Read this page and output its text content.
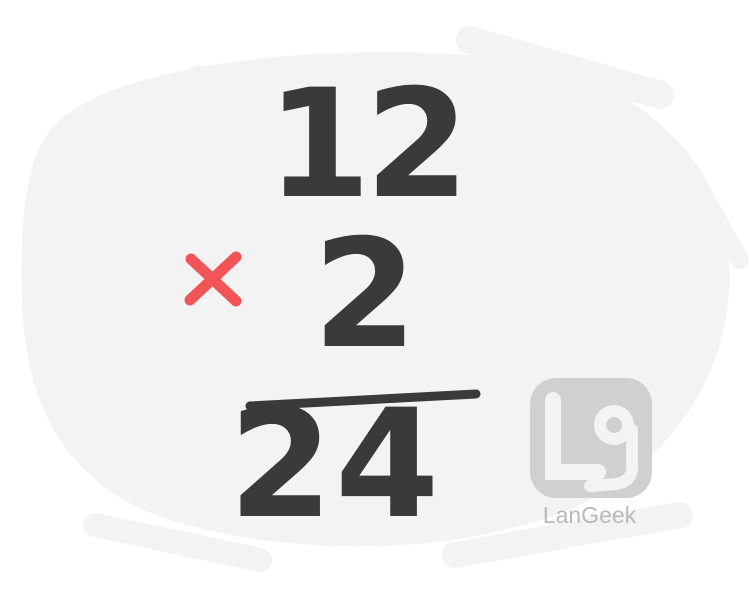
12
2
24	LanGeek
